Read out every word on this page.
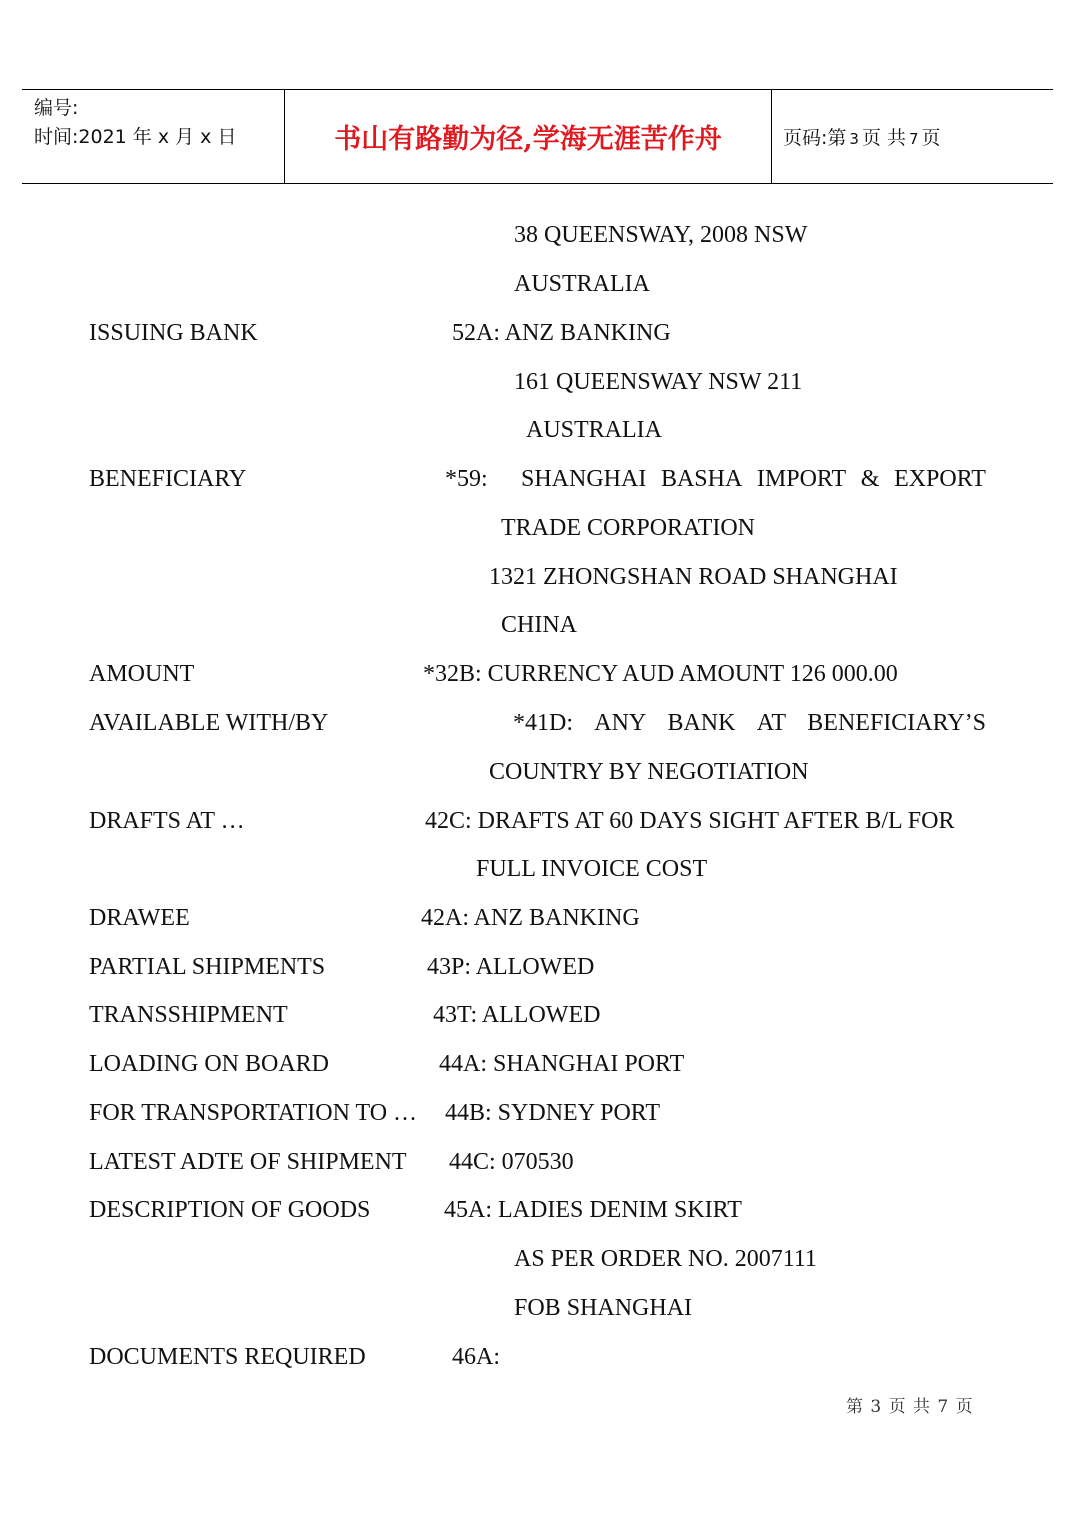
编号:
时间:2021 年 x 月 x 日	书山有路勤为径,学海无涯苦作舟	页码:第 3 页 共 7 页
38 QUEENSWAY, 2008 NSW
AUSTRALIA
ISSUING BANK	52A: ANZ BANKING
161 QUEENSWAY NSW 211
AUSTRALIA
BENEFICIARY	*59: SHANGHAI BASHA IMPORT & EXPORT
TRADE CORPORATION
1321 ZHONGSHAN ROAD SHANGHAI
CHINA
AMOUNT	*32B: CURRENCY AUD AMOUNT 126 000.00
AVAILABLE WITH/BY	*41D: ANY BANK AT BENEFICIARY’S
COUNTRY BY NEGOTIATION
DRAFTS AT …	42C: DRAFTS AT 60 DAYS SIGHT AFTER B/L FOR
FULL INVOICE COST
DRAWEE	42A: ANZ BANKING
PARTIAL SHIPMENTS	43P: ALLOWED
TRANSSHIPMENT	43T: ALLOWED
LOADING ON BOARD	44A: SHANGHAI PORT
FOR TRANSPORTATION TO … 44B: SYDNEY PORT
LATEST ADTE OF SHIPMENT 44C: 070530
DESCRIPTION OF GOODS	45A: LADIES DENIM SKIRT
AS PER ORDER NO. 2007111
FOB SHANGHAI
DOCUMENTS REQUIRED	46A:
第 3 页 共 7 页
